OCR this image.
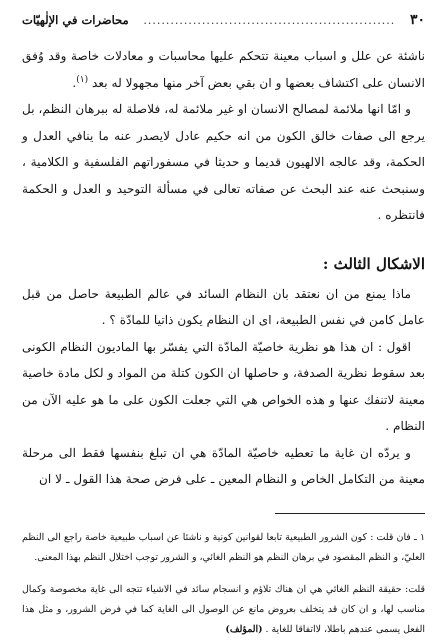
٣٠
........................................................
محاضرات في الإلٰهيّات

ناشئة عن علل و اسباب معينة تتحكم عليها محاسبات و معادلات خاصة وقد وُفق الانسان على اكتشاف بعضها و ان بقي بعض آخر منها مجهولا له بعد $^{(١)}$.

و امّا انها ملائمة لمصالح الانسان او غير ملائمة له، فلاصلة له ببرهان النظم، بل يرجع الى صفات خالق الكون من انه حكيم عادل لايصدر عنه ما ينافي العدل و الحكمة، وقد عالجه الالهيون قديما و حديثا في مسفوراتهم الفلسفية و الكلامية ، وسنبحث عنه عند البحث عن صفاته تعالى في مسألة التوحيد و العدل و الحكمة فانتظره .

الاشكال الثالث :

ماذا يمنع من ان نعتقد بان النظام السائد في عالم الطبيعة حاصل من قبل عامل كامن في نفس الطبيعة، اى ان النظام يكون ذاتيا للمادّة ؟ .

اقول : ان هذا هو نظرية خاصيّة المادّة التي يفسّر بها الماديون النظام الكونى بعد سقوط نظرية الصدفة، و حاصلها ان الكون كتلة من المواد و لكل مادة خاصية معينة لاتنفك عنها و هذه الخواص هي التي جعلت الكون على ما هو عليه الآن من النظام .

و يردّه ان غاية ما تعطيه خاصيّة المادّة هي ان تبلغ بنفسها فقط الى مرحلة معينة من التكامل الخاص و النظام المعين ـ على فرض صحة هذا القول ـ لا ان

١ ـ فان قلت : كون الشرور الطبيعية تابعا لقوانين كونية و ناشئا عن اسباب طبيعية خاصة راجع الى النظم العليّ، و النظم المقصود في برهان النظم هو النظم الغائي، و الشرور توجب اختلال النظم بهذا المعنى.

قلت: حقيقة النظم الغائي هي ان هناك تلاؤم و انسجام سائد في الاشياء تتجه الى غاية مخصوصة وكمال مناسب لها، و ان كان قد يتخلف بعروض مانع عن الوصول الى الغاية كما في فرض الشرور، و مثل هذا الفعل يسمى عندهم باطلا، لااتفاقا للغاية . (المؤلف)
